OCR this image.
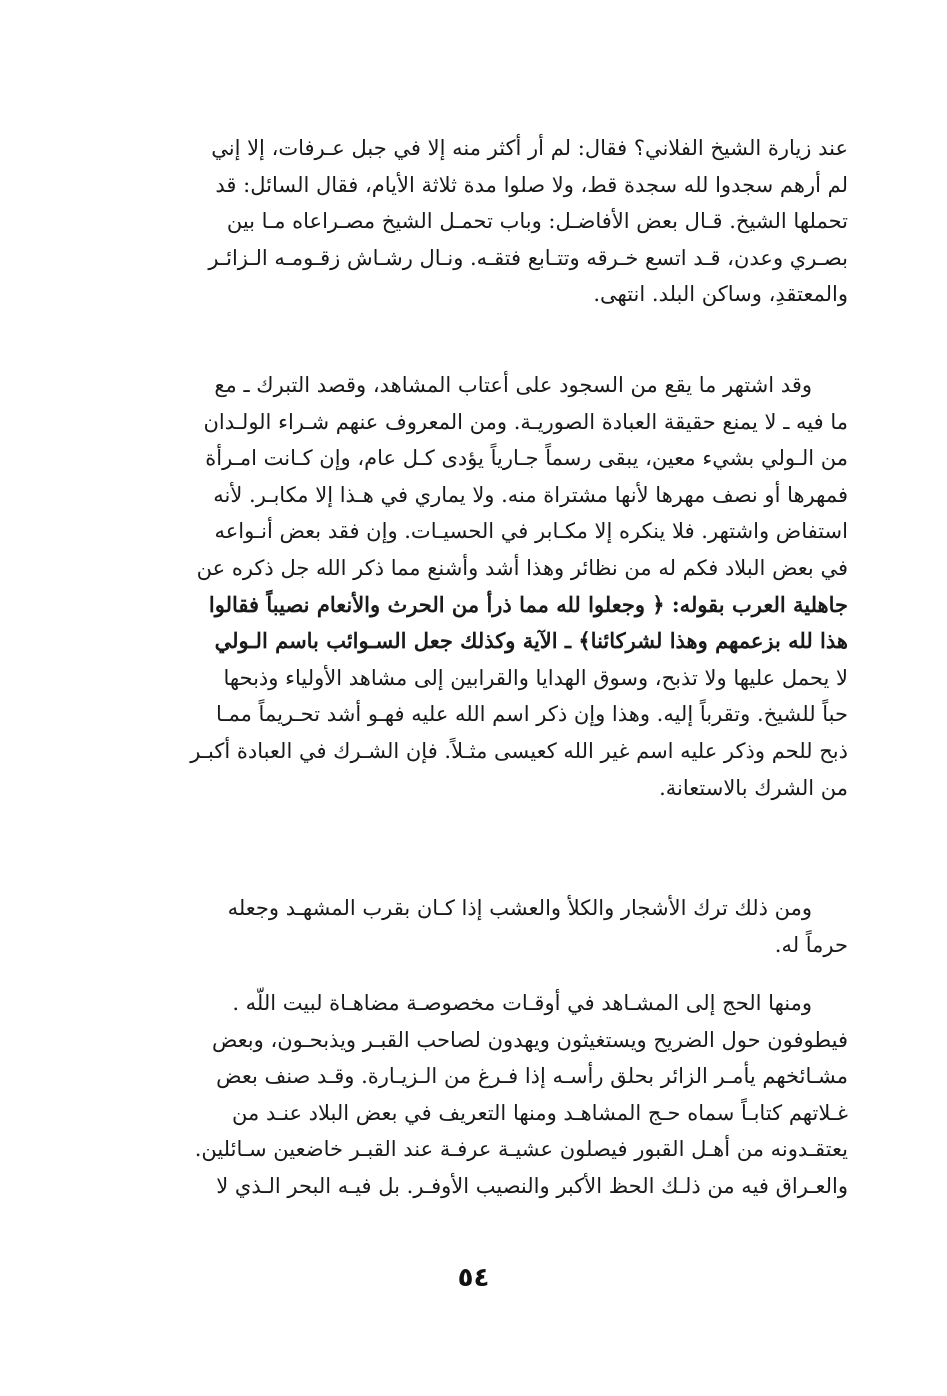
عند زيارة الشيخ الفلاني؟ فقال: لم أر أكثر منه إلا في جبل عـرفات، إلا إني
لم أرهم سجدوا لله سجدة قط، ولا صلوا مدة ثلاثة الأيام، فقال السائل: قد
تحملها الشيخ. قـال بعض الأفاضـل: وباب تحمـل الشيخ مصـراعاه مـا بين
بصـري وعدن، قـد اتسع خـرقه وتتـابع فتقـه. ونـال رشـاش زقـومـه الـزائـر
والمعتقدِ، وساكن البلد. انتهى.
وقد اشتهر ما يقع من السجود على أعتاب المشاهد، وقصد التبرك ـ مع
ما فيه ـ لا يمنع حقيقة العبادة الصوريـة. ومن المعروف عنهم شـراء الولـدان
من الـولي بشيء معين، يبقى رسماً جـارياً يؤدى كـل عام، وإن كـانت امـرأة
فمهرها أو نصف مهرها لأنها مشتراة منه. ولا يماري في هـذا إلا مكابـر. لأنه
استفاض واشتهر. فلا ينكره إلا مكـابر في الحسيـات. وإن فقد بعض أنـواعه
في بعض البلاد فكم له من نظائر وهذا أشد وأشنع مما ذكر الله جل ذكره عن
جاهلية العرب بقوله: ﴿ وجعلوا لله مما ذرأ من الحرث والأنعام نصيباً فقالوا
هذا لله بزعمهم وهذا لشركائنا﴾ ـ الآية وكذلك جعل السـوائب باسم الـولي
لا يحمل عليها ولا تذبح، وسوق الهدايا والقرابين إلى مشاهد الأولياء وذبحها
حباً للشيخ. وتقرباً إليه. وهذا وإن ذكر اسم الله عليه فهـو أشد تحـريماً ممـا
ذبح للحم وذكر عليه اسم غير الله كعيسى مثـلاً. فإن الشـرك في العبادة أكبـر
من الشرك بالاستعانة.
ومن ذلك ترك الأشجار والكلأ والعشب إذا كـان بقرب المشهـد وجعله
حرماً له.
ومنها الحج إلى المشـاهد في أوقـات مخصوصـة مضاهـاة لبيت اللّه .
فيطوفون حول الضريح ويستغيثون ويهدون لصاحب القبـر ويذبحـون، وبعض
مشـائخهم يأمـر الزائر بحلق رأسـه إذا فـرغ من الـزيـارة. وقـد صنف بعض
غـلاتهم كتابـاً سماه حـج المشاهـد ومنها التعريف في بعض البلاد عنـد من
يعتقـدونه من أهـل القبور فيصلون عشيـة عرفـة عند القبـر خاضعين سـائلين.
والعـراق فيه من ذلـك الحظ الأكبر والنصيب الأوفـر. بل فيـه البحر الـذي لا
٥٤
